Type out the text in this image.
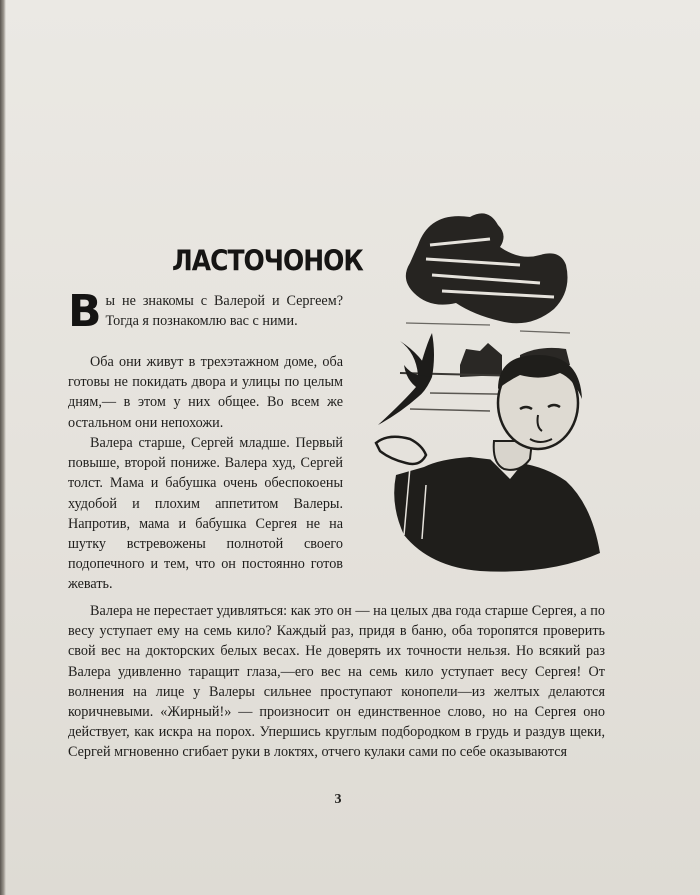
ЛАСТОЧОНОК
Вы не знакомы с Валерой и Сергеем? Тогда я познакомлю вас с ними.
Оба они живут в трехэтажном доме, оба готовы не покидать двора и улицы по целым дням,— в этом у них общее. Во всем же остальном они непохожи.
Валера старше, Сергей младше. Первый повыше, второй пониже. Валера худ, Сергей толст. Мама и бабушка очень обеспокоены худобой и плохим аппетитом Валеры. Напротив, мама и бабушка Сергея не на шутку встревожены полнотой своего подопечного и тем, что он постоянно готов жевать.
Валера не перестает удивляться: как это он — на целых два года старше Сергея, а по весу уступает ему на семь кило? Каждый раз, придя в баню, оба торопятся проверить свой вес на докторских белых весах. Не доверять их точности нельзя. Но всякий раз Валера удивленно таращит глаза,—его вес на семь кило уступает весу Сергея! От волнения на лице у Валеры сильнее проступают конопели—из желтых делаются коричневыми. «Жирный!» — произносит он единственное слово, но на Сергея оно действует, как искра на порох. Упершись круглым подбородком в грудь и раздув щеки, Сергей мгновенно сгибает руки в локтях, отчего кулаки сами по себе оказываются
3
